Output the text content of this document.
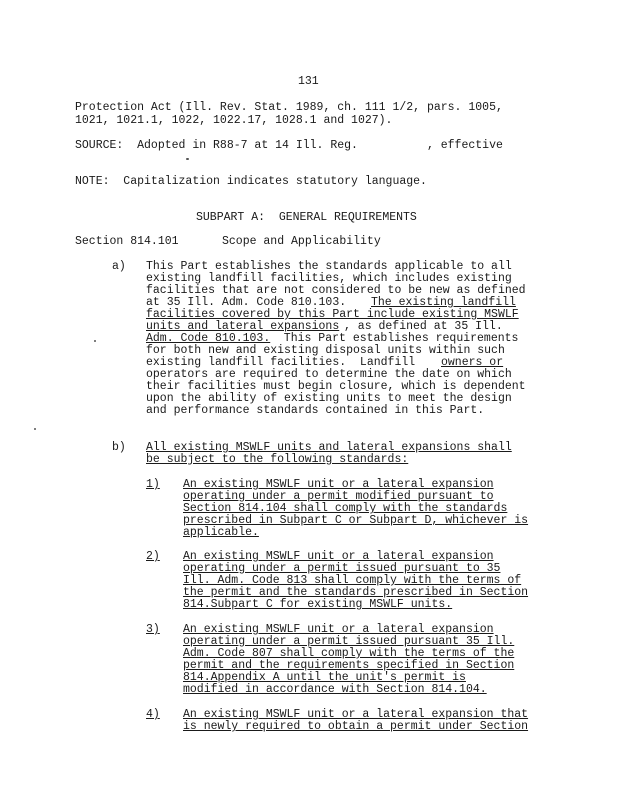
131
Protection Act (Ill. Rev. Stat. 1989, ch. 111 1/2, pars. 1005,
1021, 1021.1, 1022, 1022.17, 1028.1 and 1027).
SOURCE:  Adopted in R88-7 at 14 Ill. Reg.          , effective
NOTE:  Capitalization indicates statutory language.
SUBPART A:  GENERAL REQUIREMENTS
Section 814.101	Scope and Applicability
a) This Part establishes the standards applicable to all
existing landfill facilities, which includes existing
facilities that are not considered to be new as defined
at 35 Ill. Adm. Code 810.103. The existing landfill
facilities covered by this Part include existing MSWLF
units and lateral expansions , as defined at 35 Ill.
Adm. Code 810.103. This Part establishes requirements
for both new and existing disposal units within such
existing landfill facilities.  Landfill owners or
operators are required to determine the date on which
their facilities must begin closure, which is dependent
upon the ability of existing units to meet the design
and performance standards contained in this Part.
b) All existing MSWLF units and lateral expansions shall
be subject to the following standards:
1) An existing MSWLF unit or a lateral expansion
operating under a permit modified pursuant to
Section 814.104 shall comply with the standards
prescribed in Subpart C or Subpart D, whichever is
applicable.
2) An existing MSWLF unit or a lateral expansion
operating under a permit issued pursuant to 35
Ill. Adm. Code 813 shall comply with the terms of
the permit and the standards prescribed in Section
814.Subpart C for existing MSWLF units.
3) An existing MSWLF unit or a lateral expansion
operating under a permit issued pursuant 35 Ill.
Adm. Code 807 shall comply with the terms of the
permit and the requirements specified in Section
814.Appendix A until the unit's permit is
modified in accordance with Section 814.104.
4) An existing MSWLF unit or a lateral expansion that
is newly required to obtain a permit under Section
